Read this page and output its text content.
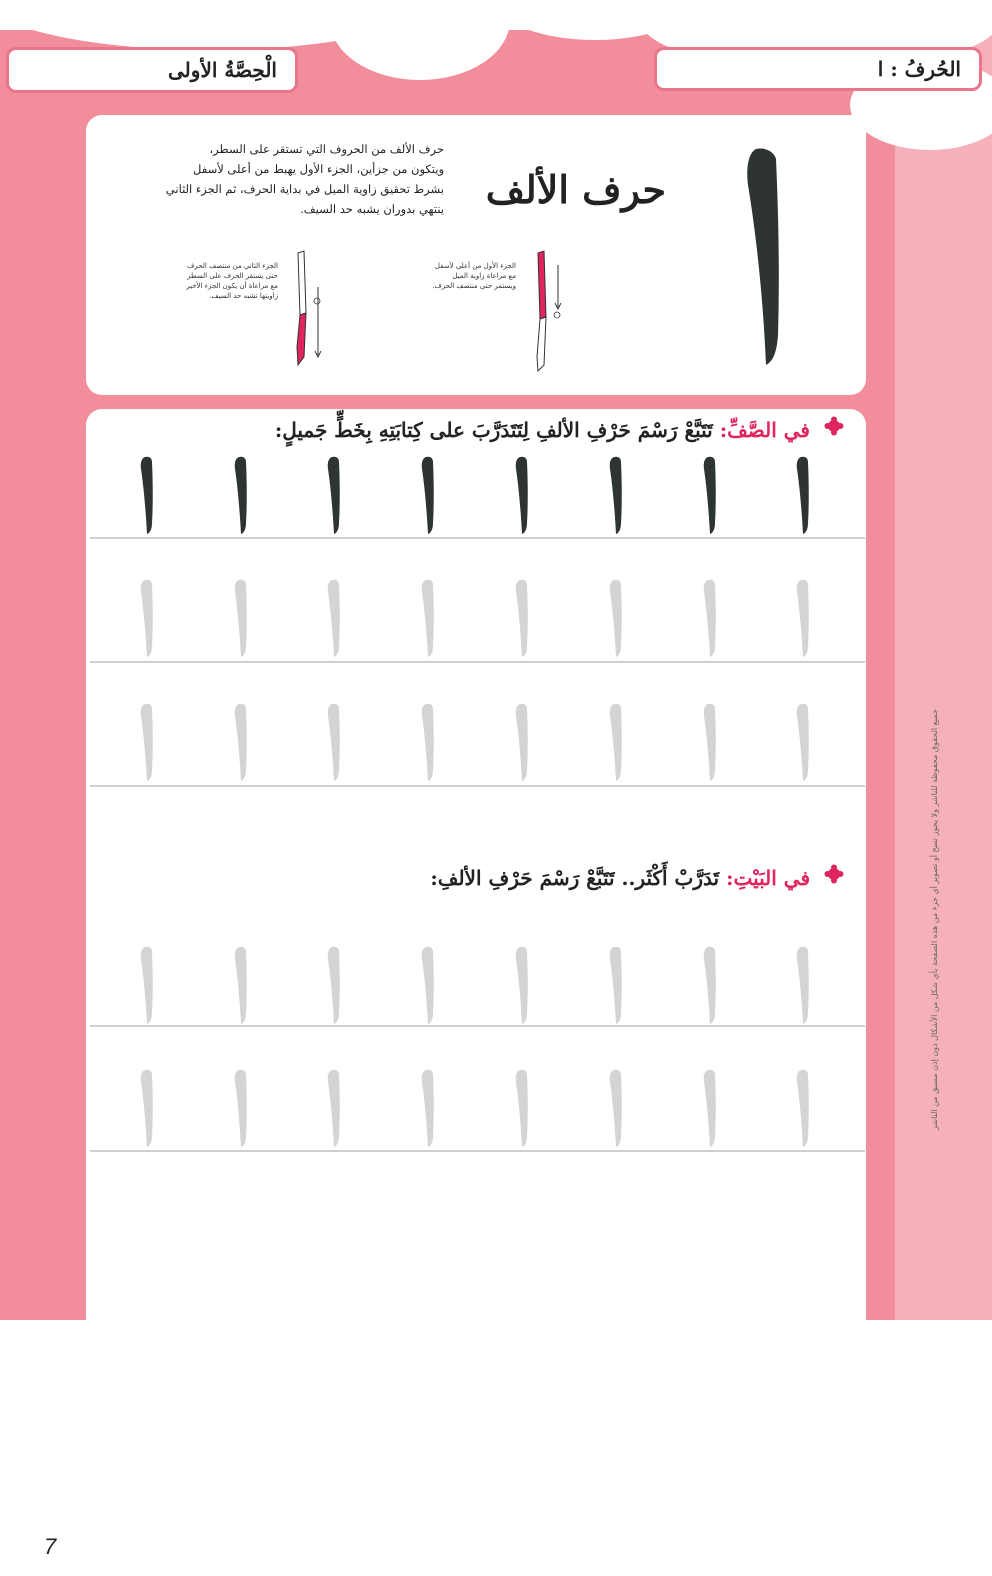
الْحِصَّةُ الأولى	الحُرفُ : ا
حرف الألف
حرف الألف من الحروف التي تستقر على السطر،
ويتكون من جزأين، الجزء الأول يهبط من أعلى لأسفل
بشرط تحقيق زاوية الميل في بداية الحرف، ثم الجزء الثاني
ينتهي بدوران يشبه حد السيف.
الجزء الأول من أعلى لأسفل
مع مراعاة زاوية الميل
ويستمر حتى منتصف الحرف.
الجزء الثاني من منتصف الحرف
حتى يستقر الحرف على السطر
مع مراعاة أن يكون الجزء الأخير
زاويتها تشبه حد السيف.
في الصَّفِّ: تَتَبَّعْ رَسْمَ حَرْفِ الألفِ لِتَتَدَرَّبَ على كِتابَتِهِ بِخَطٍّ جَميلٍ:
في البَيْتِ: تَدَرَّبْ أَكْثَر.. تَتَبَّعْ رَسْمَ حَرْفِ الألفِ:	جميع الحقوق محفوظة للناشر ولا يجوز نسخ أو تصوير أي جزء من هذه الصفحة بأي شكل من الأشكال دون إذن مسبق من الناشر
7
